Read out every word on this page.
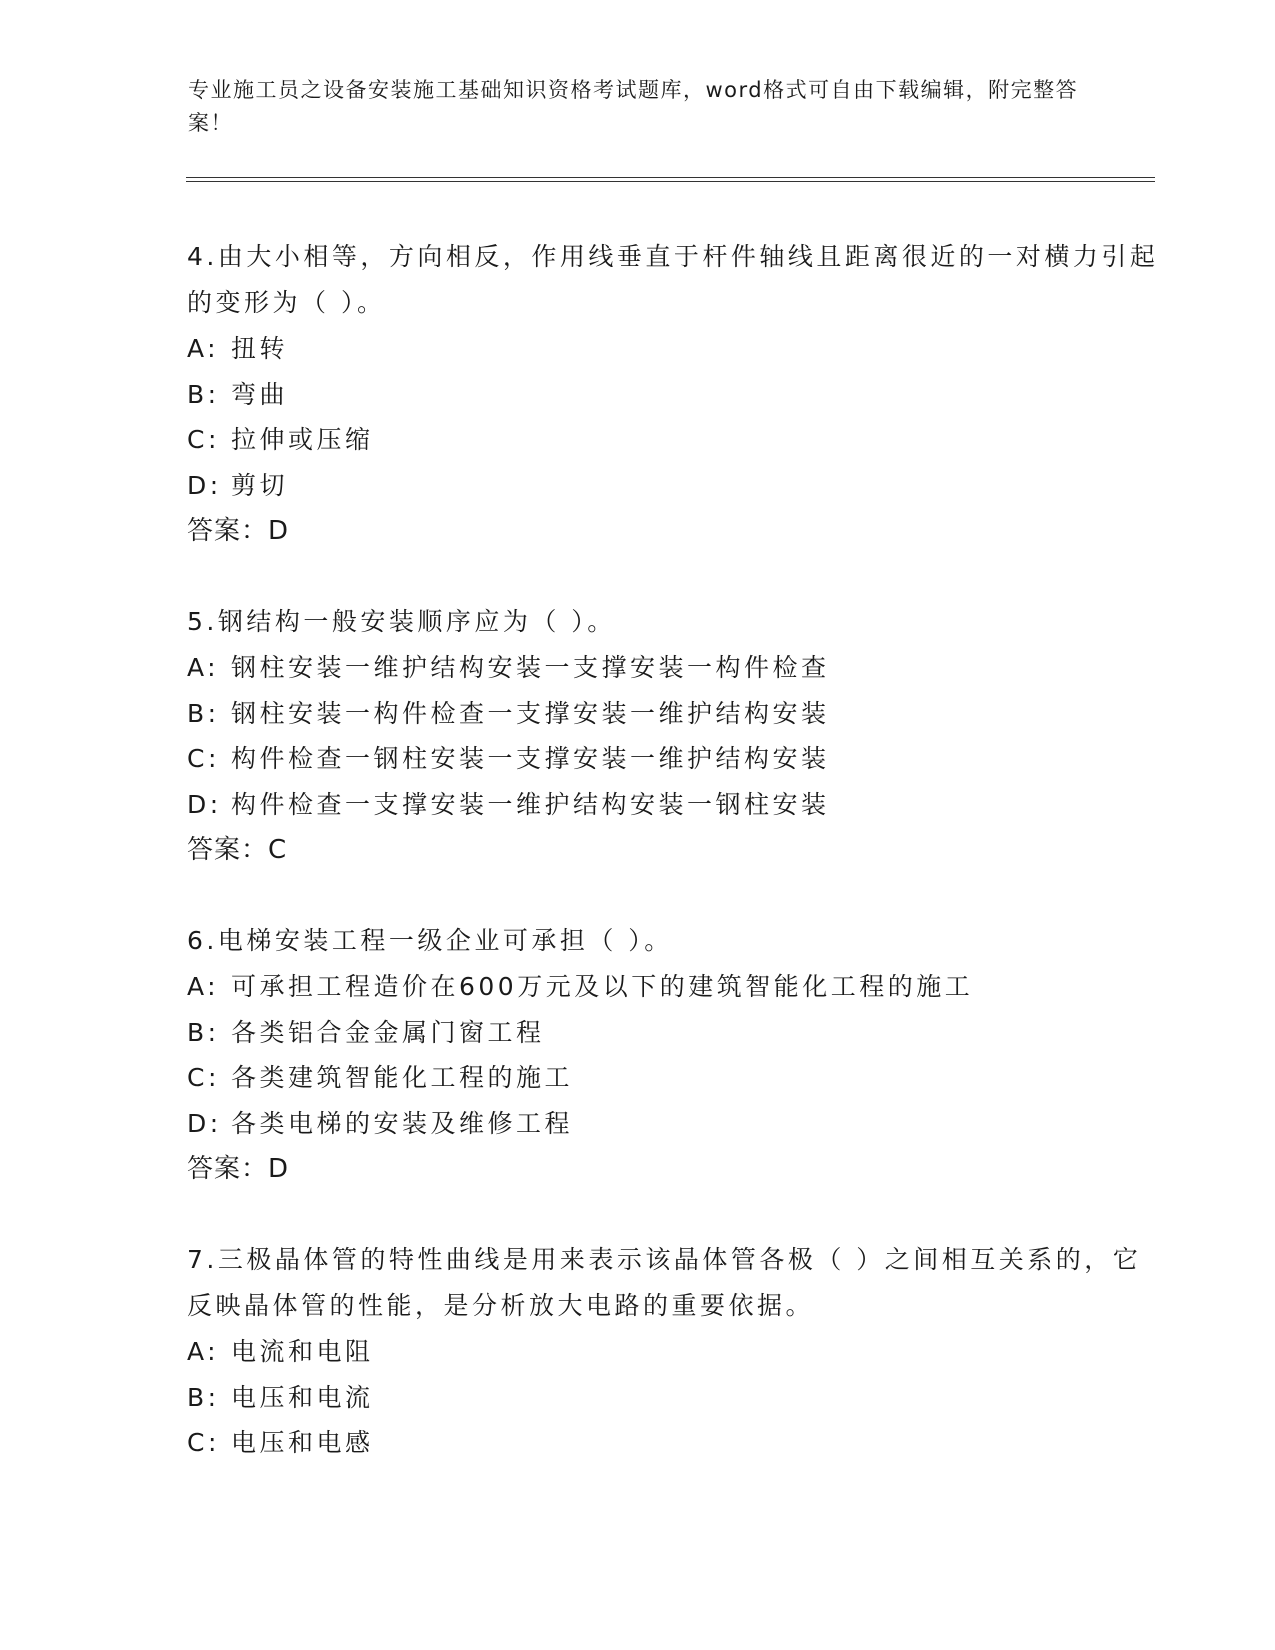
专业施工员之设备安装施工基础知识资格考试题库，word格式可自由下载编辑，附完整答案！

4.由大小相等，方向相反，作用线垂直于杆件轴线且距离很近的一对横力引起的变形为（ ）。

A: 扭转
B: 弯曲
C: 拉伸或压缩
D: 剪切

答案：D

5.钢结构一般安装顺序应为（ ）。

A: 钢柱安装一维护结构安装一支撑安装一构件检查
B: 钢柱安装一构件检查一支撑安装一维护结构安装
C: 构件检查一钢柱安装一支撑安装一维护结构安装
D: 构件检查一支撑安装一维护结构安装一钢柱安装

答案：C

6.电梯安装工程一级企业可承担（ ）。

A: 可承担工程造价在600万元及以下的建筑智能化工程的施工
B: 各类铝合金金属门窗工程
C: 各类建筑智能化工程的施工
D: 各类电梯的安装及维修工程

答案：D

7.三极晶体管的特性曲线是用来表示该晶体管各极（ ）之间相互关系的，它反映晶体管的性能，是分析放大电路的重要依据。

A: 电流和电阻
B: 电压和电流
C: 电压和电感
